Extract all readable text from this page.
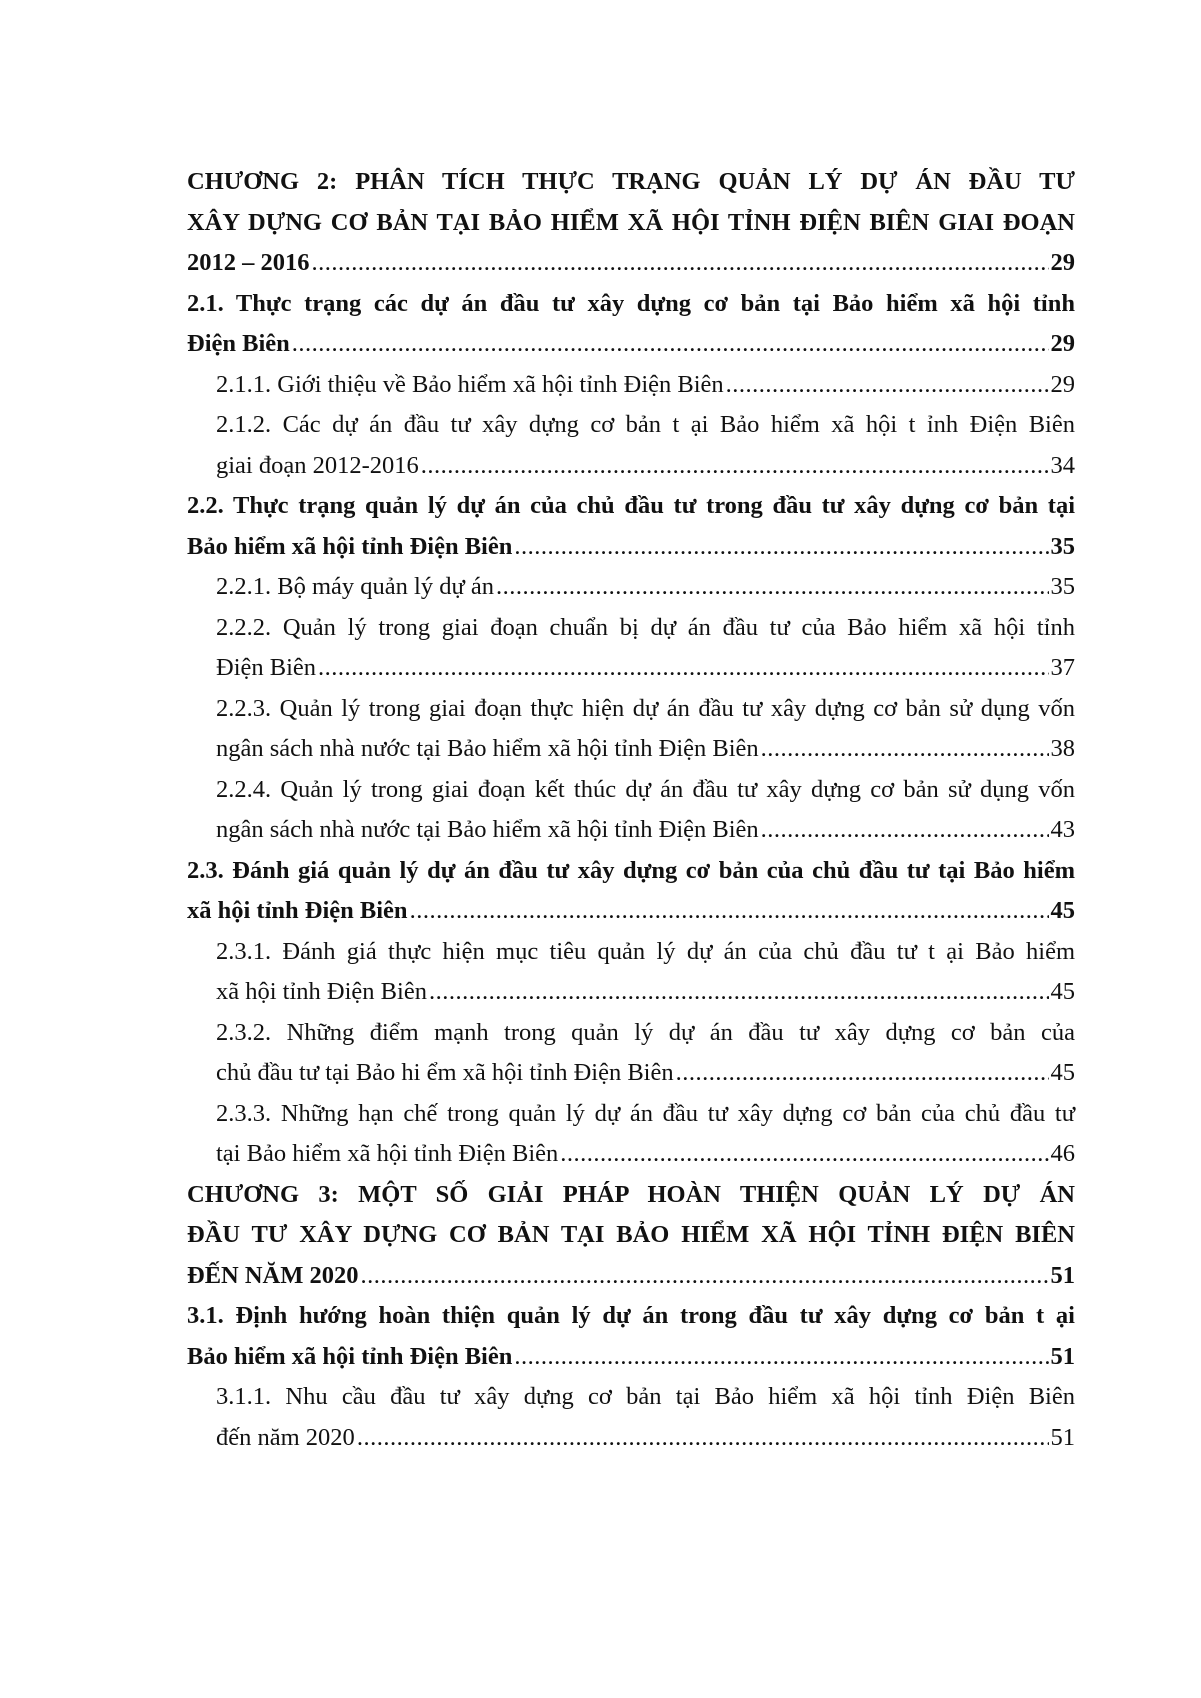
CHƯƠNG 2: PHÂN TÍCH THỰC TRẠNG QUẢN LÝ DỰ ÁN ĐẦU TƯ
XÂY DỰNG CƠ BẢN TẠI BẢO HIỂM XÃ HỘI TỈNH ĐIỆN BIÊN GIAI ĐOẠN
2012 – 2016 .....	29
2.1. Thực trạng các dự án đầu tư xây dựng cơ bản tại Bảo hiểm xã hội tỉnh
Điện Biên .....	29
2.1.1. Giới thiệu về Bảo hiểm xã hội tỉnh Điện Biên .....	29
2.1.2. Các dự án đầu tư xây dựng cơ bản t ại Bảo hiểm xã hội t ỉnh Điện Biên
giai đoạn 2012-2016 .....	34
2.2. Thực trạng quản lý dự án của chủ đầu tư trong đầu tư xây dựng cơ bản tại
Bảo hiểm xã hội tỉnh Điện Biên .....	35
2.2.1. Bộ máy quản lý dự án .....	35
2.2.2. Quản lý trong giai đoạn chuẩn bị dự án đầu tư của Bảo hiểm xã hội tỉnh
Điện Biên .....	37
2.2.3. Quản lý trong giai đoạn thực hiện dự án đầu tư xây dựng cơ bản sử dụng vốn
ngân sách nhà nước tại Bảo hiểm xã hội tỉnh Điện Biên .....	38
2.2.4. Quản lý trong giai đoạn kết thúc dự án đầu tư xây dựng cơ bản sử dụng vốn
ngân sách nhà nước tại Bảo hiểm xã hội tỉnh Điện Biên .....	43
2.3. Đánh giá quản lý dự án đầu tư xây dựng cơ bản của chủ đầu tư tại Bảo hiểm
xã hội tỉnh Điện Biên .....	45
2.3.1. Đánh giá thực hiện mục tiêu quản lý dự án của chủ đầu tư t ại Bảo hiểm
xã hội tỉnh Điện Biên .....	45
2.3.2. Những điểm mạnh trong quản lý dự án đầu tư xây dựng cơ bản của
chủ đầu tư tại Bảo hi ểm xã hội tỉnh Điện Biên .....	45
2.3.3. Những hạn chế trong quản lý dự án đầu tư xây dựng cơ bản của chủ đầu tư
tại Bảo hiểm xã hội tỉnh Điện Biên .....	46
CHƯƠNG 3: MỘT SỐ GIẢI PHÁP HOÀN THIỆN QUẢN LÝ DỰ ÁN
ĐẦU TƯ XÂY DỰNG CƠ BẢN TẠI BẢO HIỂM XÃ HỘI TỈNH ĐIỆN BIÊN
ĐẾN NĂM 2020 .....	51
3.1. Định hướng hoàn thiện quản lý dự án trong đầu tư xây dựng cơ bản t ại
Bảo hiểm xã hội tỉnh Điện Biên .....	51
3.1.1. Nhu cầu đầu tư xây dựng cơ bản tại Bảo hiểm xã hội tỉnh Điện Biên
đến năm 2020 .....	51
